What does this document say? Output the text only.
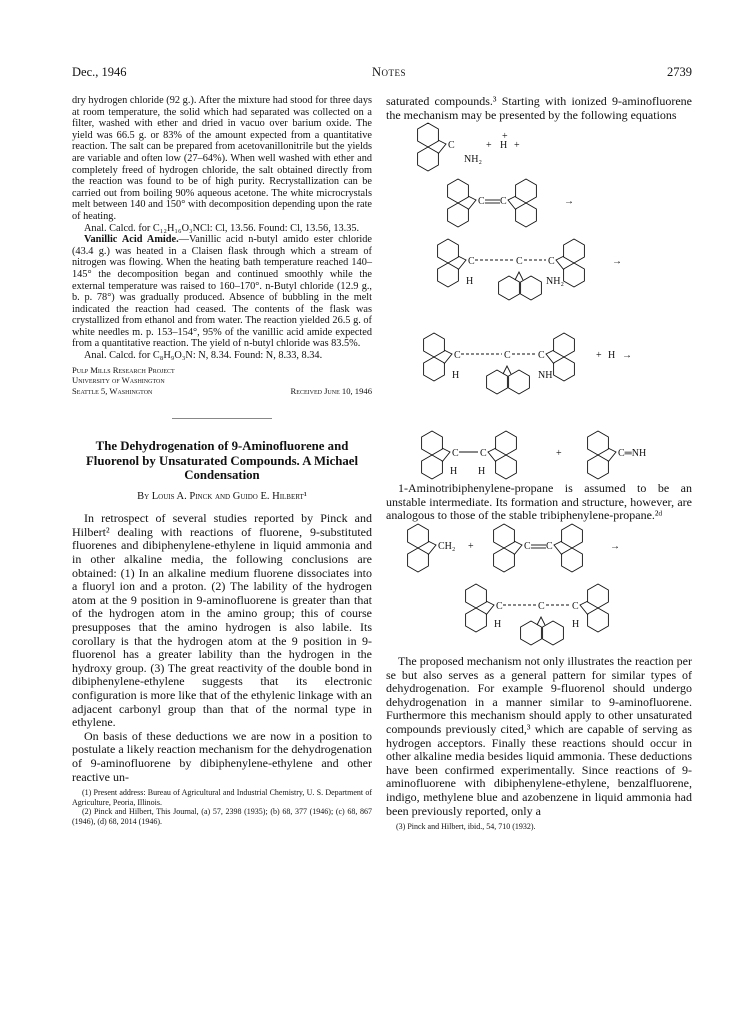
Dec., 1946	Notes	2739

dry hydrogen chloride (92 g.). After the mixture had stood for three days at room temperature, the solid which had separated was collected on a filter, washed with ether and dried in vacuo over barium oxide. The yield was 66.5 g. or 83% of the amount expected from a quantitative reaction. The salt can be prepared from acetovanillonitrile but the yields are variable and often low (27–64%). When well washed with ether and completely freed of hydrogen chloride, the salt obtained directly from the reaction was found to be of high purity. Recrystallization can be carried out from boiling 90% aqueous acetone. The white microcrystals melt between 140 and 150° with decomposition depending upon the rate of heating.

Anal. Calcd. for C₁₂H₁₆O₃NCl: Cl, 13.56. Found: Cl, 13.56, 13.35.

Vanillic Acid Amide.—Vanillic acid n-butyl amido ester chloride (43.4 g.) was heated in a Claisen flask through which a stream of nitrogen was flowing. When the heating bath temperature reached 140–145° the decomposition began and continued smoothly while the external temperature was raised to 160–170°. n-Butyl chloride (12.9 g., b. p. 78°) was gradually produced. Absence of bubbling in the melt indicated the reaction had ceased. The contents of the flask was crystallized from ethanol and from water. The reaction yielded 26.5 g. of white needles m. p. 153–154°, 95% of the vanillic acid amide expected from a quantitative reaction. The yield of n-butyl chloride was 83.5%.

Anal. Calcd. for C₈H₉O₃N: N, 8.34. Found: N, 8.33, 8.34.

Pulp Mills Research Project
University of Washington
Seattle 5, Washington	Received June 10, 1946
The Dehydrogenation of 9-Aminofluorene and Fluorenol by Unsaturated Compounds. A Michael Condensation
By Louis A. Pinck and Guido E. Hilbert¹

In retrospect of several studies reported by Pinck and Hilbert² dealing with reactions of fluorene, 9-substituted fluorenes and dibiphenylene-ethylene in liquid ammonia and in other alkaline media, the following conclusions are obtained: (1) In an alkaline medium fluorene dissociates into a fluoryl ion and a proton. (2) The lability of the hydrogen atom at the 9 position in 9-aminofluorene is greater than that of the hydrogen atom in the amino group; this of course presupposes that the amino hydrogen is also labile. Its corollary is that the hydrogen atom at the 9 position in 9-fluorenol has a greater lability than the hydrogen in the hydroxy group. (3) The great reactivity of the double bond in dibiphenylene-ethylene suggests that its electronic configuration is more like that of the ethylenic linkage with an adjacent carbonyl group than that of the normal type in ethylene.

On basis of these deductions we are now in a position to postulate a likely reaction mechanism for the dehydrogenation of 9-aminofluorene by dibiphenylene-ethylene and other reactive un-

(1) Present address: Bureau of Agricultural and Industrial Chemistry, U. S. Department of Agriculture, Peoria, Illinois.

(2) Pinck and Hilbert, This Journal, (a) 57, 2398 (1935); (b) 68, 377 (1946); (c) 68, 867 (1946), (d) 68, 2014 (1946).

saturated compounds.³ Starting with ionized 9-aminofluorene the mechanism may be presented by the following equations

C
NH₂
+ H
+
+
C C	→
C	C	C
H	NH₂
→
C	C	C
H	NH
+ H →
C C
H H
+	C═NH

1-Aminotribiphenylene-propane is assumed to be an unstable intermediate. Its formation and structure, however, are analogous to those of the stable tribiphenylene-propane.²ᵈ

CH₂ +	C C	→
C	C	C
H	H

The proposed mechanism not only illustrates the reaction per se but also serves as a general pattern for similar types of dehydrogenation. For example 9-fluorenol should undergo dehydrogenation in a manner similar to 9-aminofluorene. Furthermore this mechanism should apply to other unsaturated compounds previously cited,³ which are capable of serving as hydrogen acceptors. Finally these reactions should occur in other alkaline media besides liquid ammonia. These deductions have been confirmed experimentally. Since reactions of 9-aminofluorene with dibiphenylene-ethylene, benzalfluorene, indigo, methylene blue and azobenzene in liquid ammonia had been previously reported, only a

(3) Pinck and Hilbert, ibid., 54, 710 (1932).
